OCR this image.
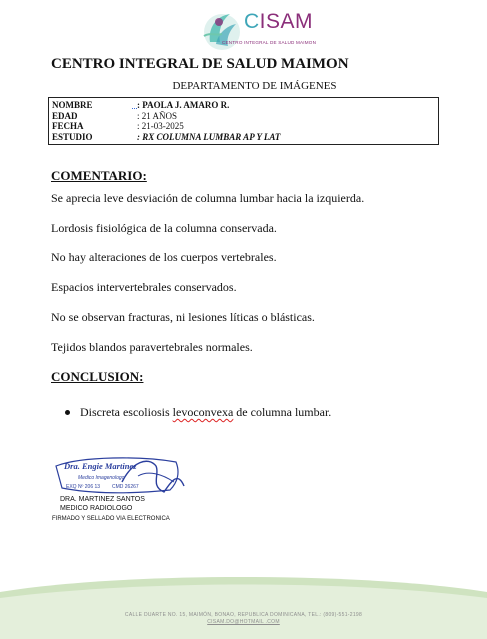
CISAM
CENTRO INTEGRAL DE SALUD MAIMON
CENTRO INTEGRAL DE SALUD MAIMON
DEPARTAMENTO DE IMÁGENES
NOMBRE	: PAOLA J. AMARO R.
EDAD	: 21 AÑOS
FECHA	: 21-03-2025
ESTUDIO	: RX COLUMNA LUMBAR AP Y LAT
COMENTARIO:
Se aprecia leve desviación de columna lumbar hacia la izquierda.
Lordosis fisiológica de la columna conservada.
No hay alteraciones de los cuerpos vertebrales.
Espacios intervertebrales conservados.
No se observan fracturas, ni lesiones líticas o blásticas.
Tejidos blandos paravertebrales normales.
CONCLUSION:
Discreta escoliosis levoconvexa de columna lumbar.
Dra. Engie Martinez
Medico Imagenologo
EXQ Nº 206 13 CMD 26267
DRA. MARTINEZ SANTOS
MEDICO RADIOLOGO
FIRMADO Y SELLADO VIA ELECTRONICA
CALLE DUARTE NO. 15, MAIMÓN, BONAO, REPUBLICA DOMINICANA, TEL.: (809)-551-2198
CISAM.DO@HOTMAIL .COM
